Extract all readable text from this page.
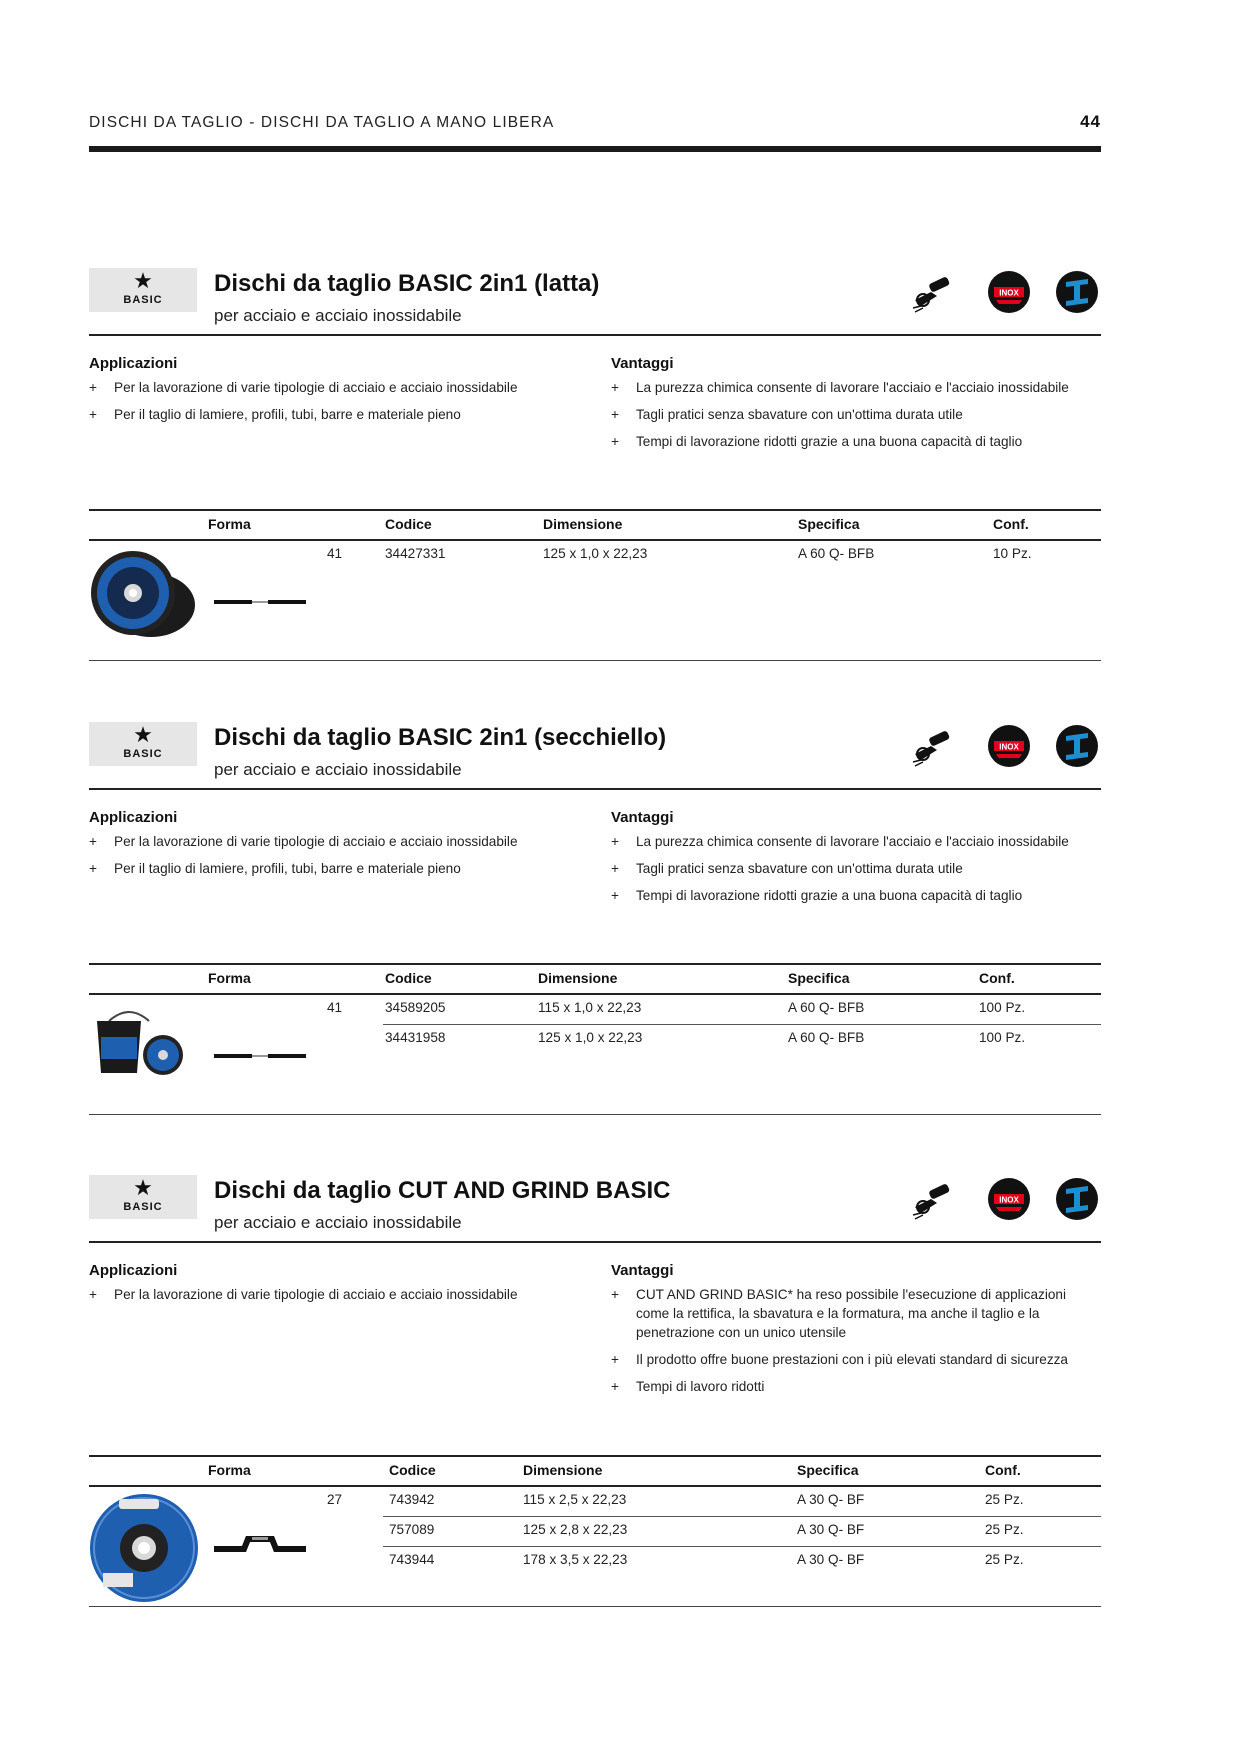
DISCHI DA TAGLIO - DISCHI DA TAGLIO A MANO LIBERA	44
★
BASIC
Dischi da taglio BASIC 2in1 (latta)
per acciaio e acciaio inossidabile
INOX
Applicazioni	Vantaggi
+ Per la lavorazione di varie tipologie di acciaio e acciaio inossidabile
+ Per il taglio di lamiere, profili, tubi, barre e materiale pieno
+ La purezza chimica consente di lavorare l'acciaio e l'acciaio inossidabile
+ Tagli pratici senza sbavature con un'ottima durata utile
+ Tempi di lavorazione ridotti grazie a una buona capacità di taglio
Forma	Codice	Dimensione	Specifica	Conf.
41	34427331	125 x 1,0 x 22,23	A 60 Q- BFB	10 Pz.
★
BASIC
Dischi da taglio BASIC 2in1 (secchiello)
per acciaio e acciaio inossidabile
INOX
Applicazioni	Vantaggi
+ Per la lavorazione di varie tipologie di acciaio e acciaio inossidabile
+ Per il taglio di lamiere, profili, tubi, barre e materiale pieno
+ La purezza chimica consente di lavorare l'acciaio e l'acciaio inossidabile
+ Tagli pratici senza sbavature con un'ottima durata utile
+ Tempi di lavorazione ridotti grazie a una buona capacità di taglio
Forma	Codice	Dimensione	Specifica	Conf.
41	34589205	115 x 1,0 x 22,23	A 60 Q- BFB	100 Pz.
34431958	125 x 1,0 x 22,23	A 60 Q- BFB	100 Pz.
★
BASIC
Dischi da taglio CUT AND GRIND BASIC
per acciaio e acciaio inossidabile
INOX
Applicazioni	Vantaggi
+ Per la lavorazione di varie tipologie di acciaio e acciaio inossidabile	+ CUT AND GRIND BASIC* ha reso possibile l'esecuzione di applicazioni come la rettifica, la sbavatura e la formatura, ma anche il taglio e la penetrazione con un unico utensile
+ Il prodotto offre buone prestazioni con i più elevati standard di sicurezza
+ Tempi di lavoro ridotti
Forma	Codice	Dimensione	Specifica	Conf.
27	743942	115 x 2,5 x 22,23	A 30 Q- BF	25 Pz.
757089	125 x 2,8 x 22,23	A 30 Q- BF	25 Pz.
743944	178 x 3,5 x 22,23	A 30 Q- BF	25 Pz.
